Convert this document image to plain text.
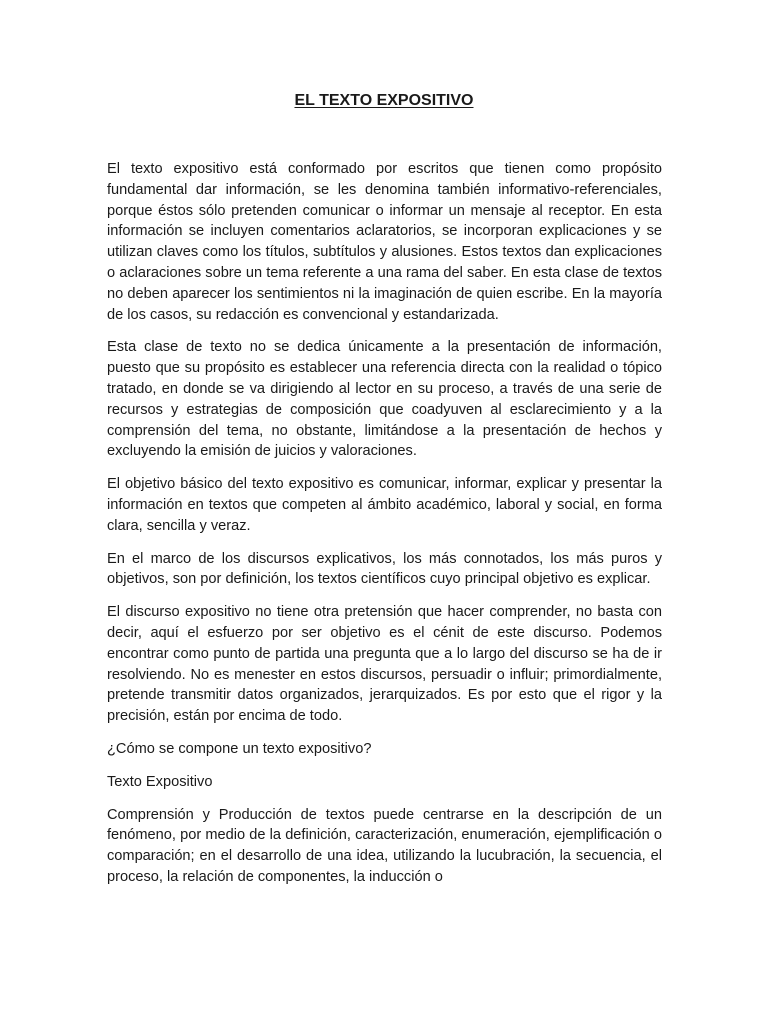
EL TEXTO EXPOSITIVO

El texto expositivo está conformado por escritos que tienen como propósito fundamental dar información, se les denomina también informativo-referenciales, porque éstos sólo pretenden comunicar o informar un mensaje al receptor. En esta información se incluyen comentarios aclaratorios, se incorporan explicaciones y se utilizan claves como los títulos, subtítulos y alusiones. Estos textos dan explicaciones o aclaraciones sobre un tema referente a una rama del saber. En esta clase de textos no deben aparecer los sentimientos ni la imaginación de quien escribe. En la mayoría de los casos, su redacción es convencional y estandarizada.

Esta clase de texto no se dedica únicamente a la presentación de información, puesto que su propósito es establecer una referencia directa con la realidad o tópico tratado, en donde se va dirigiendo al lector en su proceso, a través de una serie de recursos y estrategias de composición que coadyuven al esclarecimiento y a la comprensión del tema, no obstante, limitándose a la presentación de hechos y excluyendo la emisión de juicios y valoraciones.

El objetivo básico del texto expositivo es comunicar, informar, explicar y presentar la información en textos que competen al ámbito académico, laboral y social, en forma clara, sencilla y veraz.

En el marco de los discursos explicativos, los más connotados, los más puros y objetivos, son por definición, los textos científicos cuyo principal objetivo es explicar.

El discurso expositivo no tiene otra pretensión que hacer comprender, no basta con decir, aquí el esfuerzo por ser objetivo es el cénit de este discurso. Podemos encontrar como punto de partida una pregunta que a lo largo del discurso se ha de ir resolviendo. No es menester en estos discursos, persuadir o influir; primordialmente, pretende transmitir datos organizados, jerarquizados. Es por esto que el rigor y la precisión, están por encima de todo.

¿Cómo se compone un texto expositivo?

Texto Expositivo

Comprensión y Producción de textos puede centrarse en la descripción de un fenómeno, por medio de la definición, caracterización, enumeración, ejemplificación o comparación; en el desarrollo de una idea, utilizando la lucubración, la secuencia, el proceso, la relación de componentes, la inducción o
